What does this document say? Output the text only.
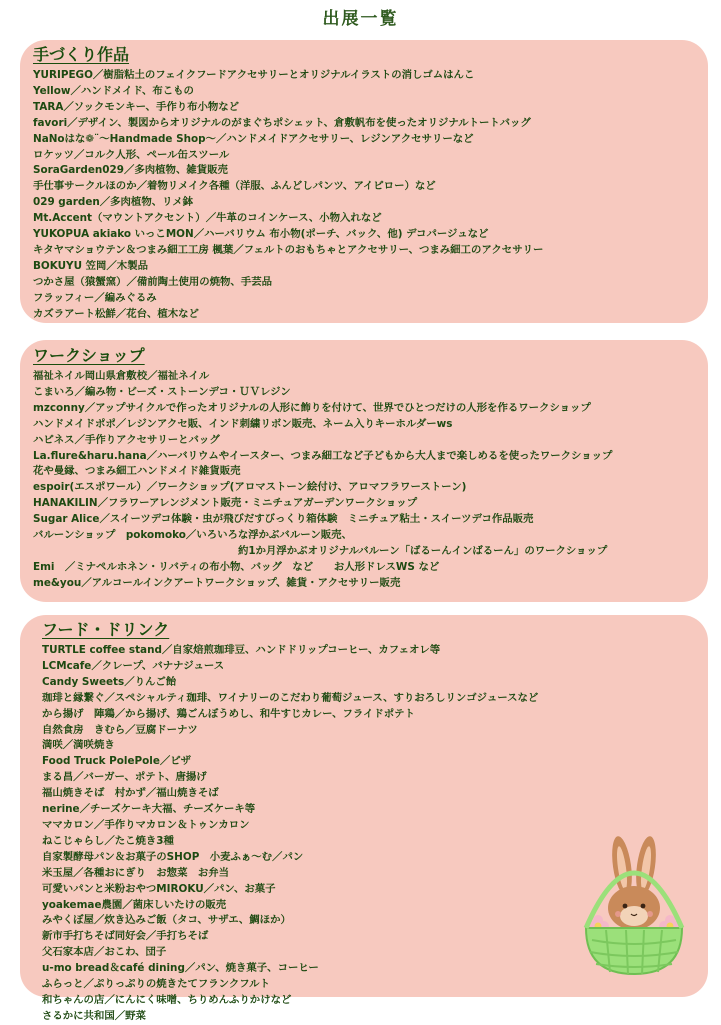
出展一覧
手づくり作品
YURIPEGO／樹脂粘土のフェイクフードアクセサリーとオリジナルイラストの消しゴムはんこ
Yellow／ハンドメイド、布こもの
TARA／ソックモンキー、手作り布小物など
favori／デザイン、製図からオリジナルのがまぐちポシェット、倉敷帆布を使ったオリジナルトートバッグ
NaNoはな❁¨～Handmade Shop～／ハンドメイドアクセサリー、レジンアクセサリーなど
ロケッツ／コルク人形、ペール缶スツール
SoraGarden029／多肉植物、雑貨販売
手仕事サークルほのか／着物リメイク各種（洋服、ふんどしパンツ、アイピロー）など
029 garden／多肉植物、リメ鉢
Mt.Accent（マウントアクセント）／牛革のコインケース、小物入れなど
YUKOPUA akiako いっこMON／ハーバリウム 布小物(ポーチ、バック、他) デコパージュなど
キタヤマショウテン＆つまみ細工工房 楓葉／フェルトのおもちゃとアクセサリー、つまみ細工のアクセサリー
BOKUYU 笠岡／木製品
つかさ屋（猿蟹窯）／備前陶土使用の焼物、手芸品
フラッフィー／編みぐるみ
カズラアート松鮮／花台、植木など
ワークショップ
福祉ネイル岡山県倉敷校／福祉ネイル
こまいろ／編み物・ビーズ・ストーンデコ・ＵＶレジン
mzconny／アップサイクルで作ったオリジナルの人形に飾りを付けて、世界でひとつだけの人形を作るワークショップ
ハンドメイドポポ／レジンアクセ販、インド刺繍リボン販売、ネーム入りキーホルダーws
ハピネス／手作りアクセサリーとバッグ
La.flure&haru.hana／ハーバリウムやイースター、つまみ細工など子どもから大人まで楽しめるを使ったワークショップ
花や曼縁、つまみ細工ハンドメイド雑貨販売
espoir(エスポワール）／ワークショップ(アロマストーン絵付け、アロマフラワーストーン)
HANAKILIN／フラワーアレンジメント販売・ミニチュアガーデンワークショップ
Sugar Alice／スイーツデコ体験・虫が飛びだすびっくり箱体験　ミニチュア粘土・スイーツデコ作品販売
バルーンショップ　pokomoko／いろいろな浮かぶバルーン販売、
約1か月浮かぶオリジナルバルーン「ばるーんインばるーん」のワークショップ
Emi　／ミナペルホネン・リバティの布小物、バッグ　など　　お人形ドレスWS など
me&you／アルコールインクアートワークショップ、雑貨・アクセサリー販売
フード・ドリンク
TURTLE coffee stand／自家焙煎珈琲豆、ハンドドリップコーヒー、カフェオレ等
LCMcafe／クレープ、バナナジュース
Candy Sweets／りんご飴
珈琲と縁繋ぐ／スペシャルティ珈琲、ワイナリーのこだわり葡萄ジュース、すりおろしリンゴジュースなど
から揚げ　陣鶏／から揚げ、鶏ごんぼうめし、和牛すじカレー、フライドポテト
自然食房　きむら／豆腐ドーナツ
満咲／満咲焼き
Food Truck PolePole／ピザ
まる昌／バーガー、ポテト、唐揚げ
福山焼きそば　村かず／福山焼きそば
nerine／チーズケーキ大福、チーズケーキ等
ママカロン／手作りマカロン＆トゥンカロン
ねこじゃらし／たこ焼き3種
自家製酵母パン＆お菓子のSHOP　小麦ふぁ～む／パン
米玉屋／各種おにぎり　お惣菜　お弁当
可愛いパンと米粉おやつMIROKU／パン、お菓子
yoakemae農園／菌床しいたけの販売
みやくぼ屋／炊き込みご飯（タコ、サザエ、鯛ほか）
新市手打ちそば同好会／手打ちそば
父石家本店／おこわ、団子
u-mo bread＆café dining／パン、焼き菓子、コーヒー
ふらっと／ぷりっぷりの焼きたてフランクフルト
和ちゃんの店／にんにく味噌、ちりめんふりかけなど
さるかに共和国／野菜
